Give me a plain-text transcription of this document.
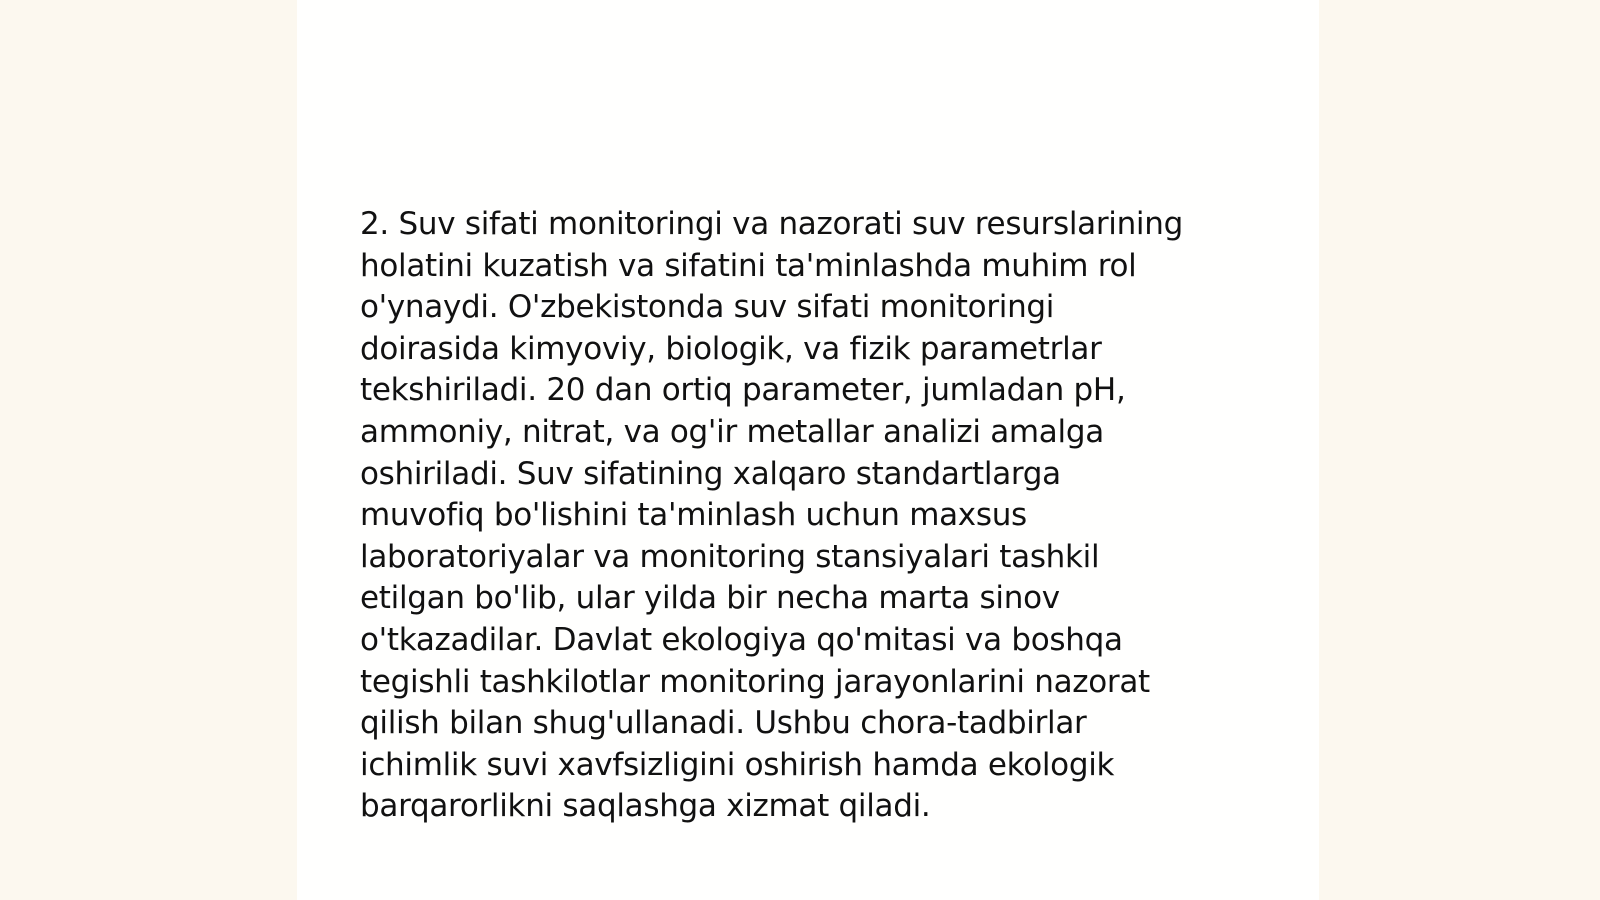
2. Suv sifati monitoringi va nazorati suv resurslarining
holatini kuzatish va sifatini ta'minlashda muhim rol
o'ynaydi. O'zbekistonda suv sifati monitoringi
doirasida kimyoviy, biologik, va fizik parametrlar
tekshiriladi. 20 dan ortiq parameter, jumladan pH,
ammoniy, nitrat, va og'ir metallar analizi amalga
oshiriladi. Suv sifatining xalqaro standartlarga
muvofiq bo'lishini ta'minlash uchun maxsus
laboratoriyalar va monitoring stansiyalari tashkil
etilgan bo'lib, ular yilda bir necha marta sinov
o'tkazadilar. Davlat ekologiya qo'mitasi va boshqa
tegishli tashkilotlar monitoring jarayonlarini nazorat
qilish bilan shug'ullanadi. Ushbu chora-tadbirlar
ichimlik suvi xavfsizligini oshirish hamda ekologik
barqarorlikni saqlashga xizmat qiladi.
